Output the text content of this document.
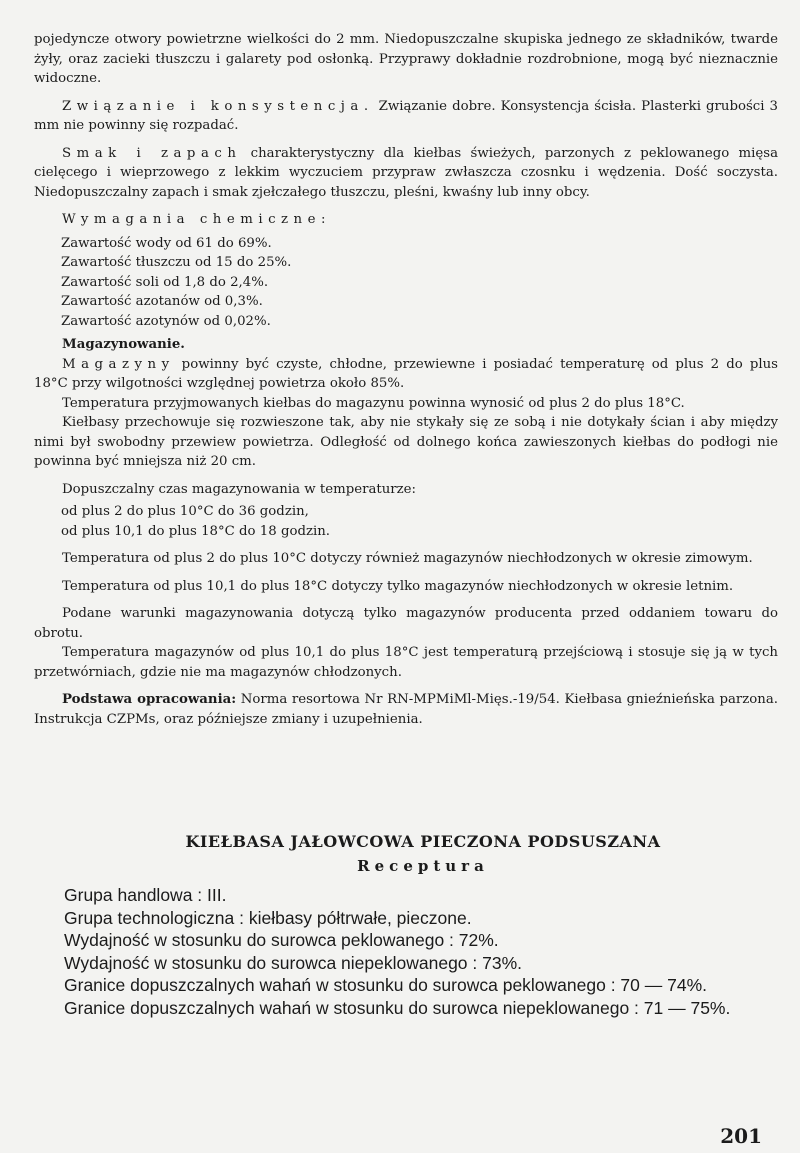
pojedyncze otwory powietrzne wielkości do 2 mm. Niedopuszczalne skupiska jednego ze składników, twarde żyły, oraz zacieki tłuszczu i galarety pod osłonką. Przyprawy dokładnie rozdrobnione, mogą być nieznacznie widoczne.

Związanie i konsystencja. Związanie dobre. Konsystencja ścisła. Plasterki grubości 3 mm nie powinny się rozpadać.

Smak i zapach charakterystyczny dla kiełbas świeżych, parzonych z peklowanego mięsa cielęcego i wieprzowego z lekkim wyczuciem przypraw zwłaszcza czosnku i wędzenia. Dość soczysta. Niedopuszczalny zapach i smak zjełczałego tłuszczu, pleśni, kwaśny lub inny obcy.

Wymagania chemiczne:

Zawartość wody od 61 do 69%.
Zawartość tłuszczu od 15 do 25%.
Zawartość soli od 1,8 do 2,4%.
Zawartość azotanów od 0,3%.
Zawartość azotynów od 0,02%.

Magazynowanie.

Magazyny powinny być czyste, chłodne, przewiewne i posiadać temperaturę od plus 2 do plus 18°C przy wilgotności względnej powietrza około 85%.

Temperatura przyjmowanych kiełbas do magazynu powinna wynosić od plus 2 do plus 18°C.

Kiełbasy przechowuje się rozwieszone tak, aby nie stykały się ze sobą i nie dotykały ścian i aby między nimi był swobodny przewiew powietrza. Odległość od dolnego końca zawieszonych kiełbas do podłogi nie powinna być mniejsza niż 20 cm.

Dopuszczalny czas magazynowania w temperaturze:

od plus 2 do plus 10°C do 36 godzin,
od plus 10,1 do plus 18°C do 18 godzin.

Temperatura od plus 2 do plus 10°C dotyczy również magazynów niechłodzonych w okresie zimowym.

Temperatura od plus 10,1 do plus 18°C dotyczy tylko magazynów niechłodzonych w okresie letnim.

Podane warunki magazynowania dotyczą tylko magazynów producenta przed oddaniem towaru do obrotu.

Temperatura magazynów od plus 10,1 do plus 18°C jest temperaturą przejściową i stosuje się ją w tych przetwórniach, gdzie nie ma magazynów chłodzonych.

Podstawa opracowania: Norma resortowa Nr RN-MPMiMl-Mięs.-19/54. Kiełbasa gnieźnieńska parzona. Instrukcja CZPMs, oraz późniejsze zmiany i uzupełnienia.

KIEŁBASA JAŁOWCOWA PIECZONA PODSUSZANA
Receptura

Grupa handlowa : III.

Grupa technologiczna : kiełbasy półtrwałe, pieczone.

Wydajność w stosunku do surowca peklowanego : 72%.

Wydajność w stosunku do surowca niepeklowanego : 73%.

Granice dopuszczalnych wahań w stosunku do surowca peklowanego : 70 — 74%.

Granice dopuszczalnych wahań w stosunku do surowca niepeklowanego : 71 — 75%.

201
